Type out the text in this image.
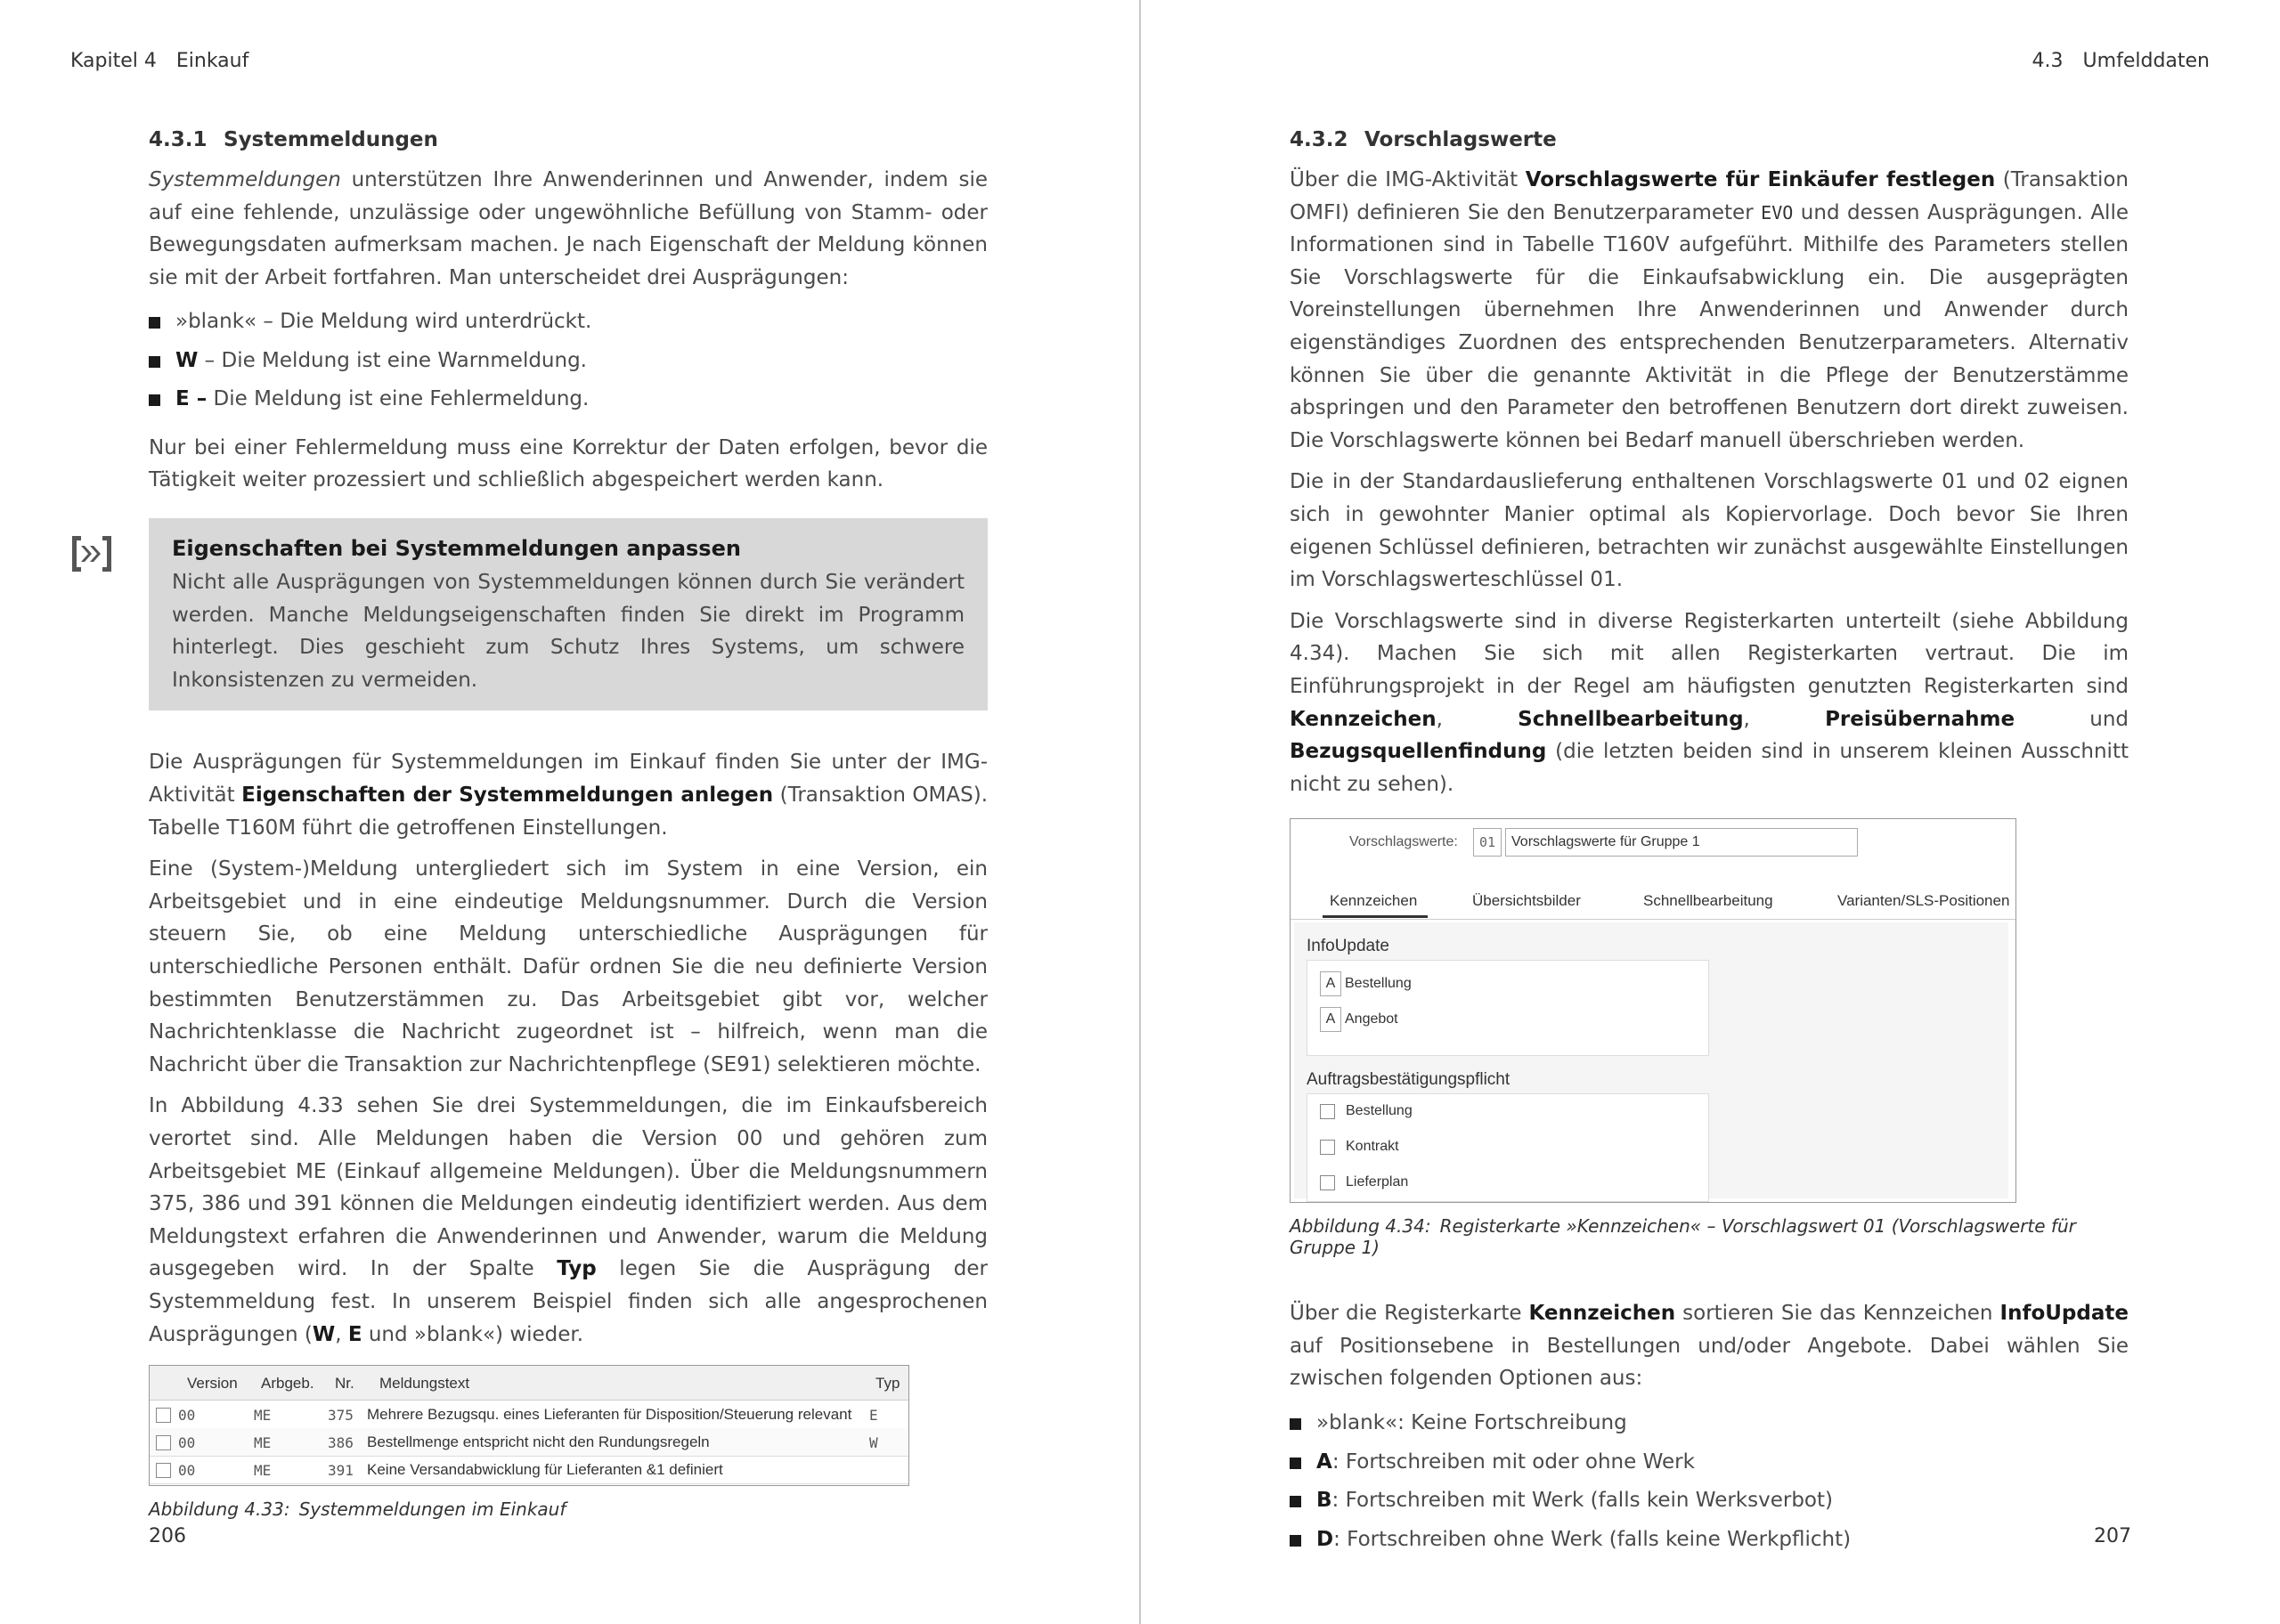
Kapitel 4 Einkauf
4.3.1 Systemmeldungen

Systemmeldungen unterstützen Ihre Anwenderinnen und Anwender, indem sie auf eine fehlende, unzulässige oder ungewöhnliche Befüllung von Stamm- oder Bewegungsdaten aufmerksam machen. Je nach Eigenschaft der Meldung können sie mit der Arbeit fortfahren. Man unterscheidet drei Ausprägungen:

»blank« – Die Meldung wird unterdrückt.
W – Die Meldung ist eine Warnmeldung.
E – Die Meldung ist eine Fehlermeldung.

Nur bei einer Fehlermeldung muss eine Korrektur der Daten erfolgen, bevor die Tätigkeit weiter prozessiert und schließlich abgespeichert werden kann.

Eigenschaften bei Systemmeldungen anpassen

Nicht alle Ausprägungen von Systemmeldungen können durch Sie verändert werden. Manche Meldungseigenschaften finden Sie direkt im Programm hinterlegt. Dies geschieht zum Schutz Ihres Systems, um schwere Inkonsistenzen zu vermeiden.

Die Ausprägungen für Systemmeldungen im Einkauf finden Sie unter der IMG-Aktivität Eigenschaften der Systemmeldungen anlegen (Transaktion OMAS). Tabelle T160M führt die getroffenen Einstellungen.

Eine (System-)Meldung untergliedert sich im System in eine Version, ein Arbeitsgebiet und in eine eindeutige Meldungsnummer. Durch die Version steuern Sie, ob eine Meldung unterschiedliche Ausprägungen für unterschiedliche Personen enthält. Dafür ordnen Sie die neu definierte Version bestimmten Benutzerstämmen zu. Das Arbeitsgebiet gibt vor, welcher Nachrichtenklasse die Nachricht zugeordnet ist – hilfreich, wenn man die Nachricht über die Transaktion zur Nachrichtenpflege (SE91) selektieren möchte.

In Abbildung 4.33 sehen Sie drei Systemmeldungen, die im Einkaufsbereich verortet sind. Alle Meldungen haben die Version 00 und gehören zum Arbeitsgebiet ME (Einkauf allgemeine Meldungen). Über die Meldungsnummern 375, 386 und 391 können die Meldungen eindeutig identifiziert werden. Aus dem Meldungstext erfahren die Anwenderinnen und Anwender, warum die Meldung ausgegeben wird. In der Spalte Typ legen Sie die Ausprägung der Systemmeldung fest. In unserem Beispiel finden sich alle angesprochenen Ausprägungen (W, E und »blank«) wieder.

Version Arbgeb. Nr. Meldungstext	Typ
00	ME	375 Mehrere Bezugsqu. eines Lieferanten für Disposition/Steuerung relevant E
00	ME	386 Bestellmenge entspricht nicht den Rundungsregeln	W
00	ME	391 Keine Versandabwicklung für Lieferanten &1 definiert
Abbildung 4.33: Systemmeldungen im Einkauf
206
4.3 Umfelddaten
4.3.2 Vorschlagswerte

Über die IMG-Aktivität Vorschlagswerte für Einkäufer festlegen (Transaktion OMFI) definieren Sie den Benutzerparameter EVO und dessen Ausprägungen. Alle Informationen sind in Tabelle T160V aufgeführt. Mithilfe des Parameters stellen Sie Vorschlagswerte für die Einkaufsabwicklung ein. Die ausgeprägten Voreinstellungen übernehmen Ihre Anwenderinnen und Anwender durch eigenständiges Zuordnen des entsprechenden Benutzerparameters. Alternativ können Sie über die genannte Aktivität in die Pflege der Benutzerstämme abspringen und den Parameter den betroffenen Benutzern dort direkt zuweisen. Die Vorschlagswerte können bei Bedarf manuell überschrieben werden.

Die in der Standardauslieferung enthaltenen Vorschlagswerte 01 und 02 eignen sich in gewohnter Manier optimal als Kopiervorlage. Doch bevor Sie Ihren eigenen Schlüssel definieren, betrachten wir zunächst ausgewählte Einstellungen im Vorschlagswerteschlüssel 01.

Die Vorschlagswerte sind in diverse Registerkarten unterteilt (siehe Abbildung 4.34). Machen Sie sich mit allen Registerkarten vertraut. Die im Einführungsprojekt in der Regel am häufigsten genutzten Registerkarten sind Kennzeichen, Schnellbearbeitung, Preisübernahme und Bezugsquellenfindung (die letzten beiden sind in unserem kleinen Ausschnitt nicht zu sehen).

Vorschlagswerte:	01	Vorschlagswerte für Gruppe 1
Kennzeichen	Übersichtsbilder	Schnellbearbeitung	Varianten/SLS-Positionen
InfoUpdate
A Bestellung
A Angebot
Auftragsbestätigungspflicht
Bestellung
Kontrakt
Lieferplan
Abbildung 4.34: Registerkarte »Kennzeichen« – Vorschlagswert 01 (Vorschlagswerte für Gruppe 1)

Über die Registerkarte Kennzeichen sortieren Sie das Kennzeichen InfoUpdate auf Positionsebene in Bestellungen und/oder Angebote. Dabei wählen Sie zwischen folgenden Optionen aus:

»blank«: Keine Fortschreibung
A: Fortschreiben mit oder ohne Werk
B: Fortschreiben mit Werk (falls kein Werksverbot)
D: Fortschreiben ohne Werk (falls keine Werkpflicht)	207
